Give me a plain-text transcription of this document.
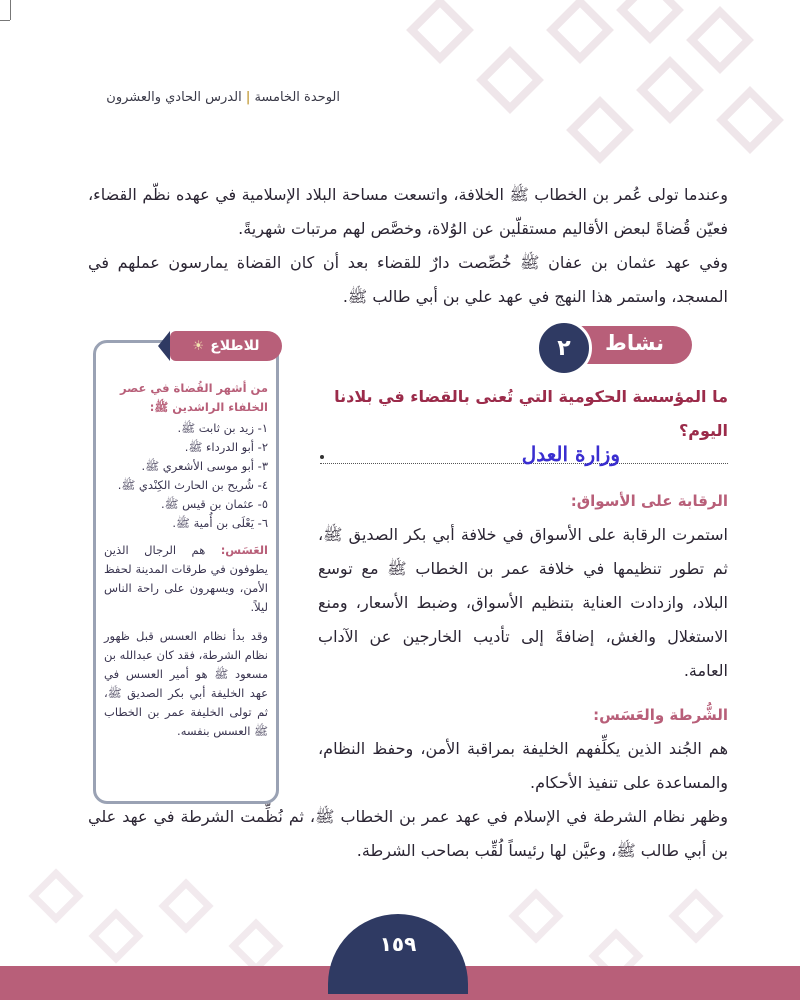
الوحدة الخامسة|الدرس الحادي والعشرون

وعندما تولى عُمر بن الخطاب ﷺ الخلافة، واتسعت مساحة البلاد الإسلامية في عهده نظّم القضاء، فعيّن قُضاةً لبعض الأقاليم مستقلّين عن الوُلاة، وخصَّص لهم مرتبات شهريةً.

وفي عهد عثمان بن عفان ﷺ خُصِّصت دارٌ للقضاء بعد أن كان القضاة يمارسون عملهم في المسجد، واستمر هذا النهج في عهد علي بن أبي طالب ﷺ.

نشاط
٢
ما المؤسسة الحكومية التي تُعنى بالقضاء في بلادنا اليوم؟
وزارة العدل
الرقابة على الأسواق:

استمرت الرقابة على الأسواق في خلافة أبي بكر الصديق ﷺ، ثم تطور تنظيمها في خلافة عمر بن الخطاب ﷺ مع توسع البلاد، وازدادت العناية بتنظيم الأسواق، وضبط الأسعار، ومنع الاستغلال والغش، إضافةً إلى تأديب الخارجين عن الآداب العامة.

الشُّرطة والعَسَس:

هم الجُند الذين يكلِّفهم الخليفة بمراقبة الأمن، وحفظ النظام، والمساعدة على تنفيذ الأحكام.

وظهر نظام الشرطة في الإسلام في عهد عمر بن الخطاب ﷺ، ثم نُظِّمت الشرطة في عهد علي بن أبي طالب ﷺ، وعيَّن لها رئيساً لُقِّب بصاحب الشرطة.

للاطلاع
☀

من أشهر القُضاة في عصر الخلفاء الراشدين ﷺ:

١- زيد بن ثابت ﷺ.
٢- أبو الدرداء ﷺ.
٣- أبو موسى الأشعري ﷺ.
٤- شُريح بن الحارث الكِنْدي ﷺ.
٥- عثمان بن قيس ﷺ.
٦- يَعْلَى بن أُمية ﷺ.

العَسَس: هم الرجال الذين يطوفون في طرقات المدينة لحفظ الأمن، ويسهرون على راحة الناس ليلاً.

وقد بدأ نظام العسس قبل ظهور نظام الشرطة، فقد كان عبدالله بن مسعود ﷺ هو أمير العسس في عهد الخليفة أبي بكر الصديق ﷺ، ثم تولى الخليفة عمر بن الخطاب ﷺ العسس بنفسه.

١٥٩
